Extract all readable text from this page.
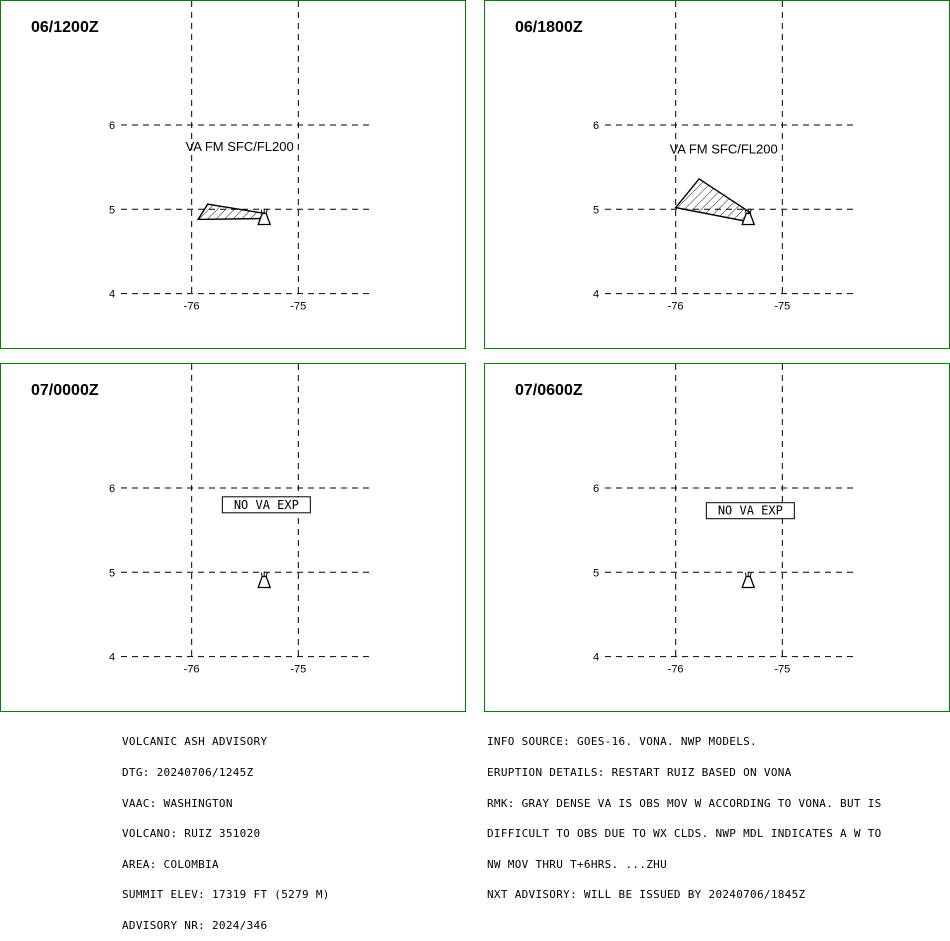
06/1200Z
-76	-75
4
5
6
VA FM SFC/FL200
06/1800Z
-76	-75
4
5
6
VA FM SFC/FL200
07/0000Z
-76	-75
4
5
6
NO VA EXP
07/0600Z
-76	-75
4
5
6
NO VA EXP

VOLCANIC ASH ADVISORY

DTG: 20240706/1245Z

VAAC: WASHINGTON

VOLCANO: RUIZ 351020

AREA: COLOMBIA

SUMMIT ELEV: 17319 FT (5279 M)

ADVISORY NR: 2024/346

INFO SOURCE: GOES-16. VONA. NWP MODELS.

ERUPTION DETAILS: RESTART RUIZ BASED ON VONA

RMK: GRAY DENSE VA IS OBS MOV W ACCORDING TO VONA. BUT IS

DIFFICULT TO OBS DUE TO WX CLDS. NWP MDL INDICATES A W TO

NW MOV THRU T+6HRS. ...ZHU

NXT ADVISORY: WILL BE ISSUED BY 20240706/1845Z
